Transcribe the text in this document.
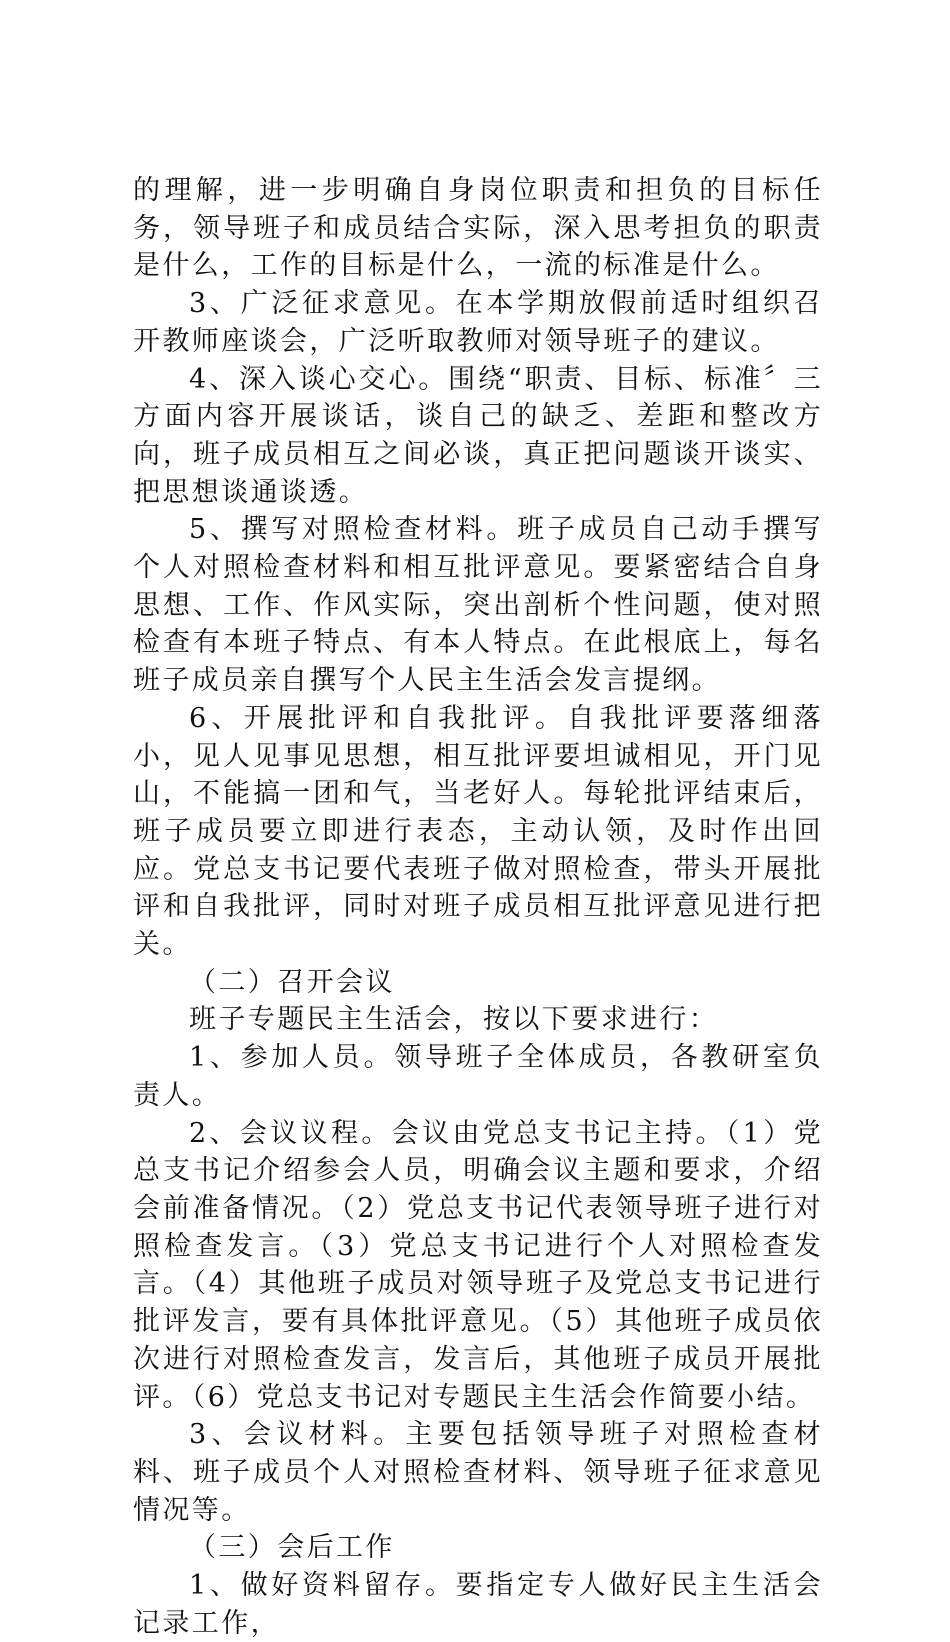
的理解，进一步明确自身岗位职责和担负的目标任务，领导班子和成员结合实际，深入思考担负的职责是什么，工作的目标是什么，一流的标准是什么。

3、广泛征求意见。在本学期放假前适时组织召开教师座谈会，广泛听取教师对领导班子的建议。

4、深入谈心交心。围绕“职责、目标、标准〞三方面内容开展谈话，谈自己的缺乏、差距和整改方向，班子成员相互之间必谈，真正把问题谈开谈实、把思想谈通谈透。

5、撰写对照检查材料。班子成员自己动手撰写个人对照检查材料和相互批评意见。要紧密结合自身思想、工作、作风实际，突出剖析个性问题，使对照检查有本班子特点、有本人特点。在此根底上，每名班子成员亲自撰写个人民主生活会发言提纲。

6、开展批评和自我批评。自我批评要落细落小，见人见事见思想，相互批评要坦诚相见，开门见山，不能搞一团和气，当老好人。每轮批评结束后，班子成员要立即进行表态，主动认领，及时作出回应。党总支书记要代表班子做对照检查，带头开展批评和自我批评，同时对班子成员相互批评意见进行把关。

（二）召开会议

班子专题民主生活会，按以下要求进行：

1、参加人员。领导班子全体成员，各教研室负责人。

2、会议议程。会议由党总支书记主持。（1）党总支书记介绍参会人员，明确会议主题和要求，介绍会前准备情况。（2）党总支书记代表领导班子进行对照检查发言。（3）党总支书记进行个人对照检查发言。（4）其他班子成员对领导班子及党总支书记进行批评发言，要有具体批评意见。（5）其他班子成员依次进行对照检查发言，发言后，其他班子成员开展批评。（6）党总支书记对专题民主生活会作简要小结。

3、会议材料。主要包括领导班子对照检查材料、班子成员个人对照检查材料、领导班子征求意见情况等。

（三）会后工作

1、做好资料留存。要指定专人做好民主生活会记录工作，
